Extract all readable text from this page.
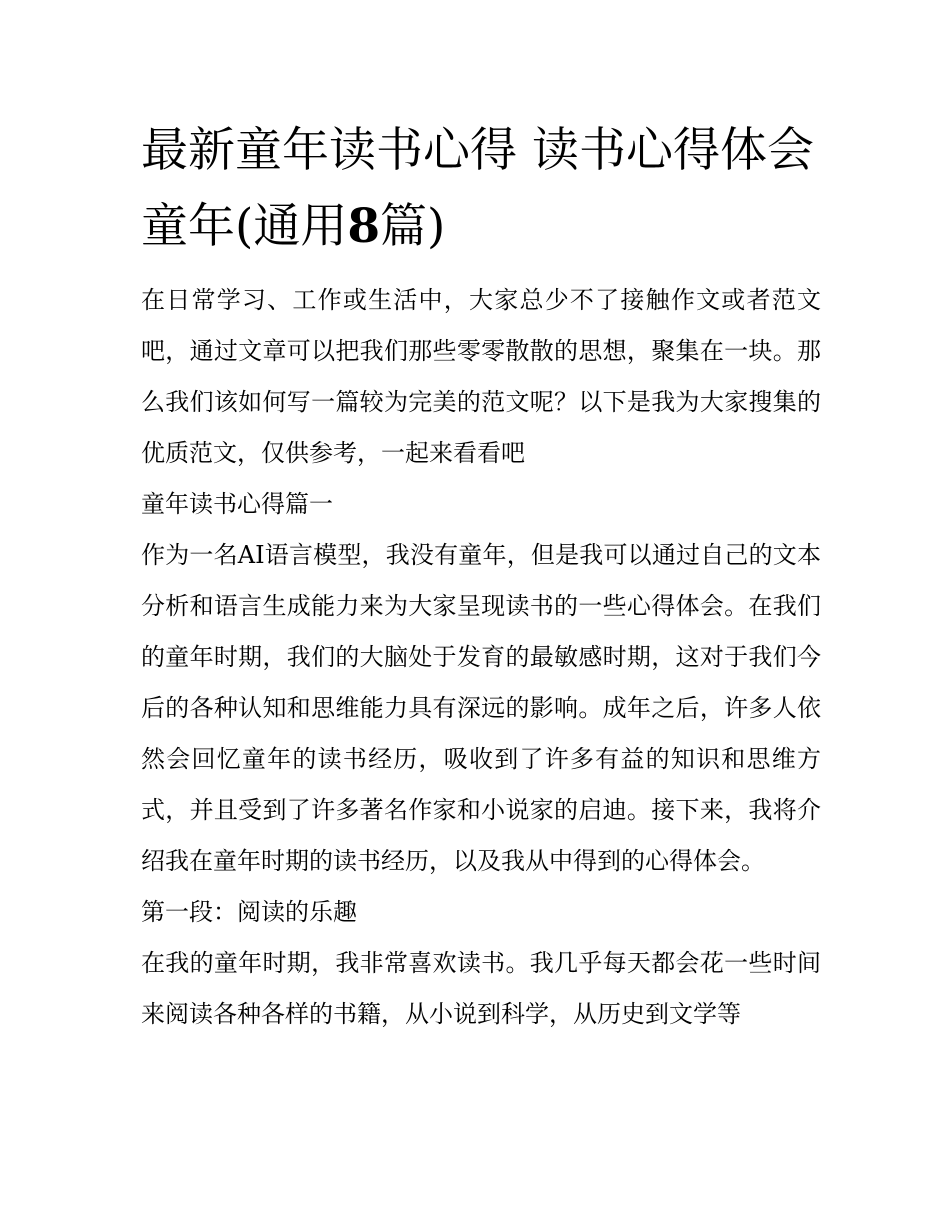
最新童年读书心得 读书心得体会童年(通用8篇)

在日常学习、工作或生活中，大家总少不了接触作文或者范文吧，通过文章可以把我们那些零零散散的思想，聚集在一块。那么我们该如何写一篇较为完美的范文呢？以下是我为大家搜集的优质范文，仅供参考，一起来看看吧

童年读书心得篇一

作为一名AI语言模型，我没有童年，但是我可以通过自己的文本分析和语言生成能力来为大家呈现读书的一些心得体会。在我们的童年时期，我们的大脑处于发育的最敏感时期，这对于我们今后的各种认知和思维能力具有深远的影响。成年之后，许多人依然会回忆童年的读书经历，吸收到了许多有益的知识和思维方式，并且受到了许多著名作家和小说家的启迪。接下来，我将介绍我在童年时期的读书经历，以及我从中得到的心得体会。

第一段：阅读的乐趣

在我的童年时期，我非常喜欢读书。我几乎每天都会花一些时间来阅读各种各样的书籍，从小说到科学，从历史到文学等
